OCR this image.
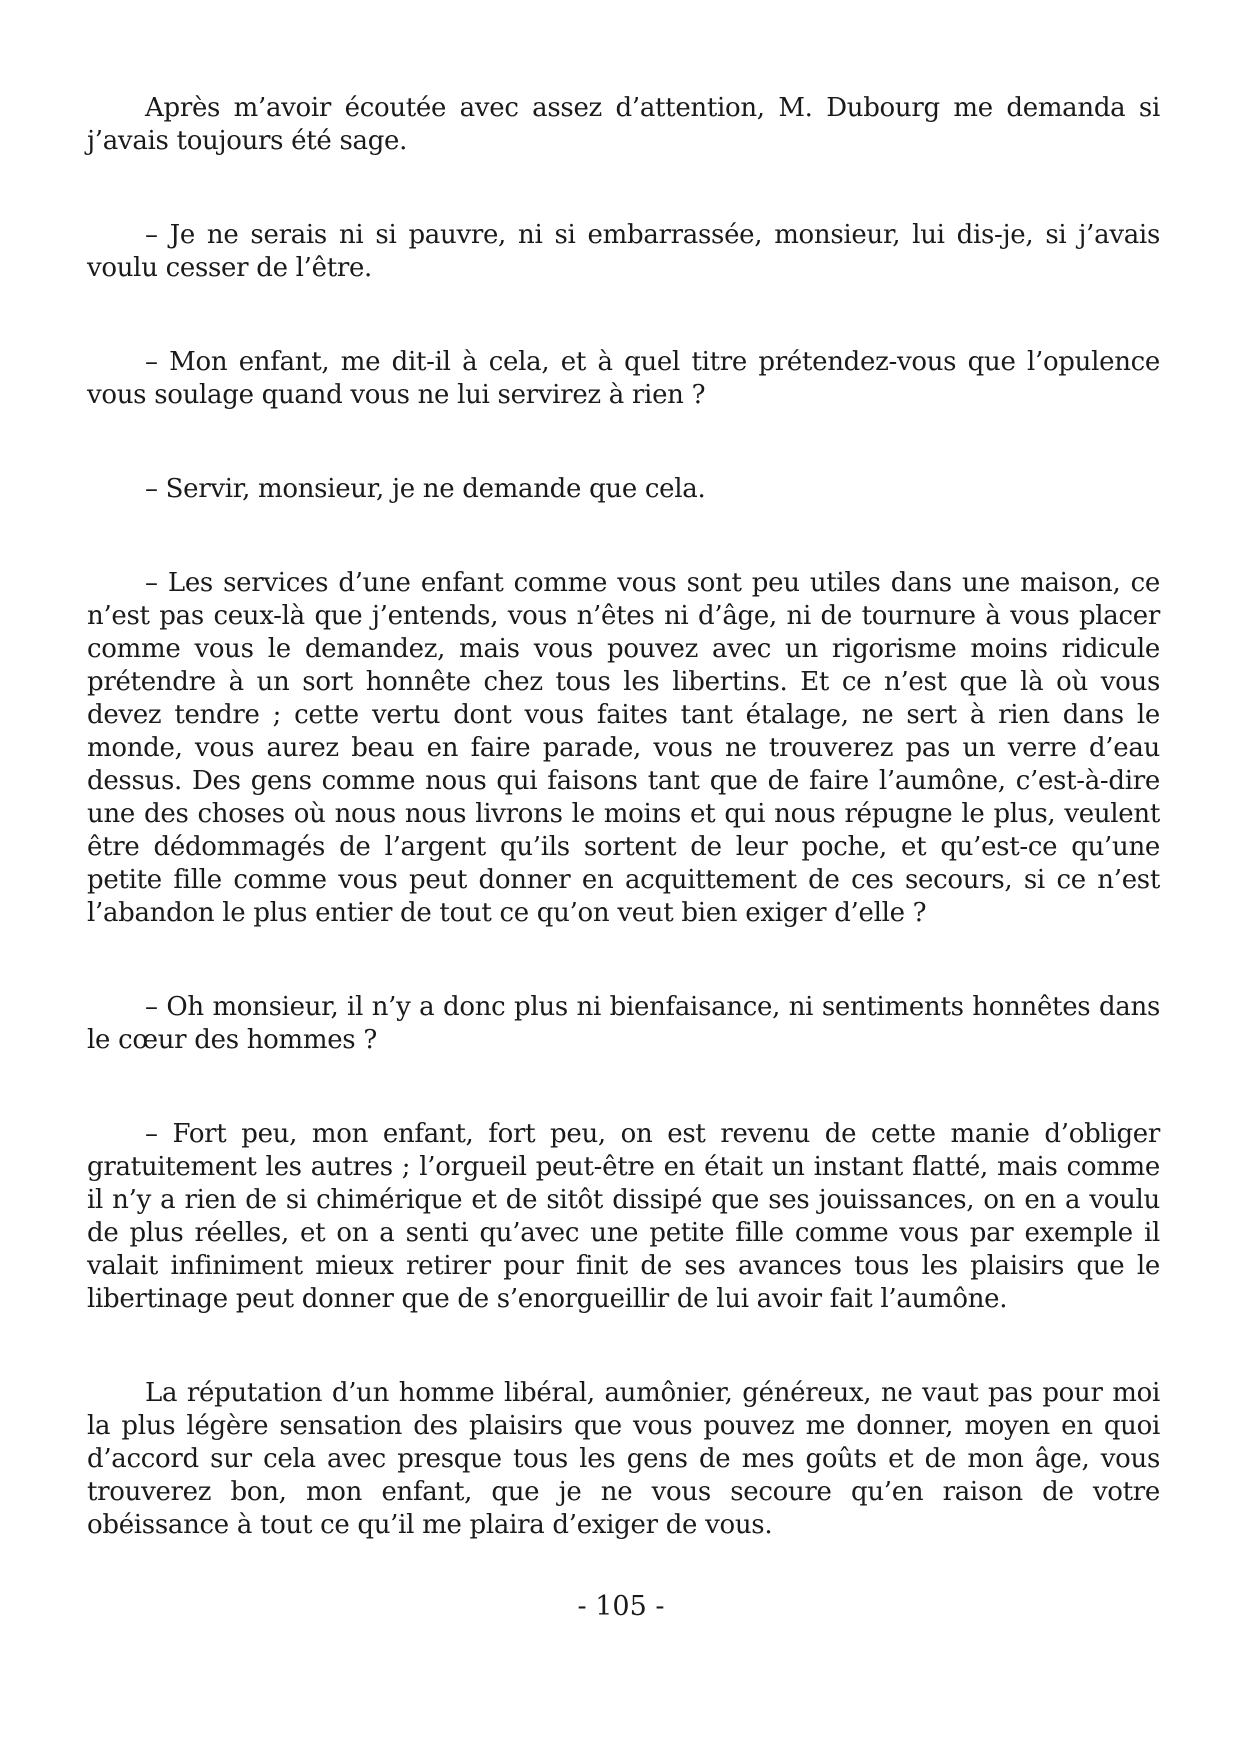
Après m’avoir écoutée avec assez d’attention, M. Dubourg me demanda si j’avais toujours été sage.

– Je ne serais ni si pauvre, ni si embarrassée, monsieur, lui dis-je, si j’avais voulu cesser de l’être.

– Mon enfant, me dit-il à cela, et à quel titre prétendez-vous que l’opulence vous soulage quand vous ne lui servirez à rien ?

– Servir, monsieur, je ne demande que cela.

– Les services d’une enfant comme vous sont peu utiles dans une maison, ce n’est pas ceux-là que j’entends, vous n’êtes ni d’âge, ni de tournure à vous placer comme vous le demandez, mais vous pouvez avec un rigorisme moins ridicule prétendre à un sort honnête chez tous les libertins. Et ce n’est que là où vous devez tendre ; cette vertu dont vous faites tant étalage, ne sert à rien dans le monde, vous aurez beau en faire parade, vous ne trouverez pas un verre d’eau dessus. Des gens comme nous qui faisons tant que de faire l’aumône, c’est-à-dire une des choses où nous nous livrons le moins et qui nous répugne le plus, veulent être dédommagés de l’argent qu’ils sortent de leur poche, et qu’est-ce qu’une petite fille comme vous peut donner en acquittement de ces secours, si ce n’est l’abandon le plus entier de tout ce qu’on veut bien exiger d’elle ?

– Oh monsieur, il n’y a donc plus ni bienfaisance, ni sentiments honnêtes dans le cœur des hommes ?

– Fort peu, mon enfant, fort peu, on est revenu de cette manie d’obliger gratuitement les autres ; l’orgueil peut-être en était un instant flatté, mais comme il n’y a rien de si chimérique et de sitôt dissipé que ses jouissances, on en a voulu de plus réelles, et on a senti qu’avec une petite fille comme vous par exemple il valait infiniment mieux retirer pour finit de ses avances tous les plaisirs que le libertinage peut donner que de s’enorgueillir de lui avoir fait l’aumône.

La réputation d’un homme libéral, aumônier, généreux, ne vaut pas pour moi la plus légère sensation des plaisirs que vous pouvez me donner, moyen en quoi d’accord sur cela avec presque tous les gens de mes goûts et de mon âge, vous trouverez bon, mon enfant, que je ne vous secoure qu’en raison de votre obéissance à tout ce qu’il me plaira d’exiger de vous.

- 105 -
